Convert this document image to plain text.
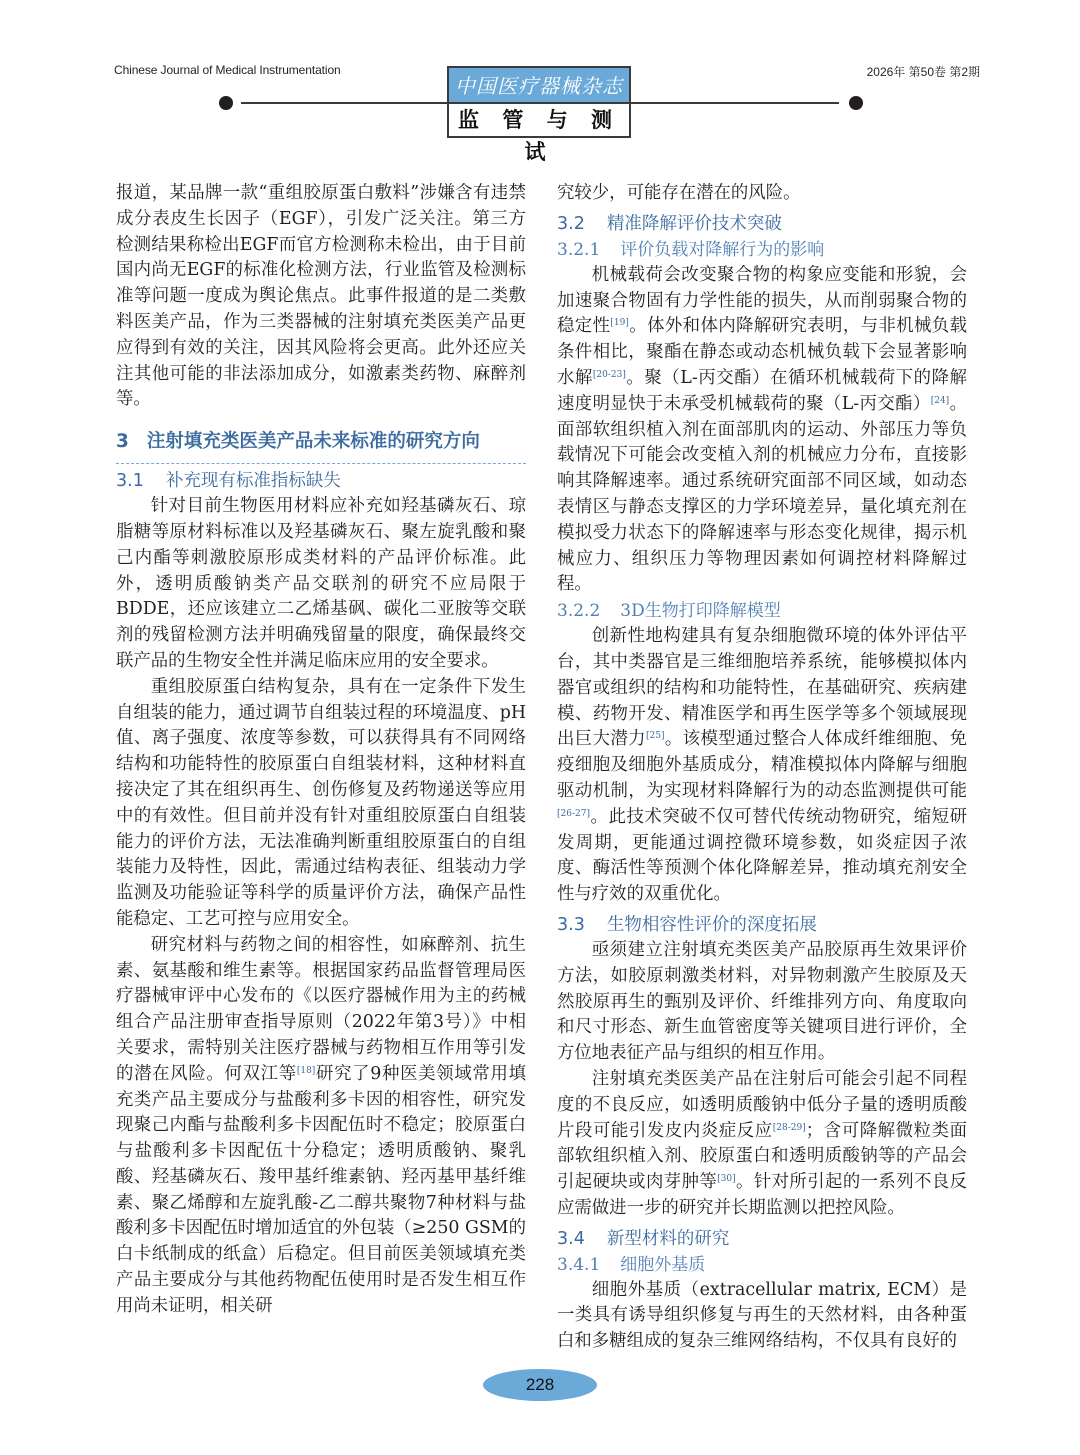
Chinese Journal of Medical Instrumentation	2026年 第50卷 第2期
中国医疗器械杂志
监 管 与 测 试

报道，某品牌一款“重组胶原蛋白敷料”涉嫌含有违禁成分表皮生长因子（EGF），引发广泛关注。第三方检测结果称检出EGF而官方检测称未检出，由于目前国内尚无EGF的标准化检测方法，行业监管及检测标准等问题一度成为舆论焦点。此事件报道的是二类敷料医美产品，作为三类器械的注射填充类医美产品更应得到有效的关注，因其风险将会更高。此外还应关注其他可能的非法添加成分，如激素类药物、麻醉剂等。

3 注射填充类医美产品未来标准的研究方向
3.1 补充现有标准指标缺失

针对目前生物医用材料应补充如羟基磷灰石、琼脂糖等原材料标准以及羟基磷灰石、聚左旋乳酸和聚己内酯等刺激胶原形成类材料的产品评价标准。此外，透明质酸钠类产品交联剂的研究不应局限于BDDE，还应该建立二乙烯基砜、碳化二亚胺等交联剂的残留检测方法并明确残留量的限度，确保最终交联产品的生物安全性并满足临床应用的安全要求。

重组胶原蛋白结构复杂，具有在一定条件下发生自组装的能力，通过调节自组装过程的环境温度、pH值、离子强度、浓度等参数，可以获得具有不同网络结构和功能特性的胶原蛋白自组装材料，这种材料直接决定了其在组织再生、创伤修复及药物递送等应用中的有效性。但目前并没有针对重组胶原蛋白自组装能力的评价方法，无法准确判断重组胶原蛋白的自组装能力及特性，因此，需通过结构表征、组装动力学监测及功能验证等科学的质量评价方法，确保产品性能稳定、工艺可控与应用安全。

研究材料与药物之间的相容性，如麻醉剂、抗生素、氨基酸和维生素等。根据国家药品监督管理局医疗器械审评中心发布的《以医疗器械作用为主的药械组合产品注册审查指导原则（2022年第3号）》中相关要求，需特别关注医疗器械与药物相互作用等引发的潜在风险。何双江等[18]研究了9种医美领域常用填充类产品主要成分与盐酸利多卡因的相容性，研究发现聚己内酯与盐酸利多卡因配伍时不稳定；胶原蛋白与盐酸利多卡因配伍十分稳定；透明质酸钠、聚乳酸、羟基磷灰石、羧甲基纤维素钠、羟丙基甲基纤维素、聚乙烯醇和左旋乳酸-乙二醇共聚物7种材料与盐酸利多卡因配伍时增加适宜的外包装（≥250 GSM的白卡纸制成的纸盒）后稳定。但目前医美领域填充类产品主要成分与其他药物配伍使用时是否发生相互作用尚未证明，相关研

究较少，可能存在潜在的风险。

3.2 精准降解评价技术突破
3.2.1 评价负载对降解行为的影响

机械载荷会改变聚合物的构象应变能和形貌，会加速聚合物固有力学性能的损失，从而削弱聚合物的稳定性[19]。体外和体内降解研究表明，与非机械负载条件相比，聚酯在静态或动态机械负载下会显著影响水解[20-23]。聚（L-丙交酯）在循环机械载荷下的降解速度明显快于未承受机械载荷的聚（L-丙交酯）[24]。面部软组织植入剂在面部肌肉的运动、外部压力等负载情况下可能会改变植入剂的机械应力分布，直接影响其降解速率。通过系统研究面部不同区域，如动态表情区与静态支撑区的力学环境差异，量化填充剂在模拟受力状态下的降解速率与形态变化规律，揭示机械应力、组织压力等物理因素如何调控材料降解过程。

3.2.2 3D生物打印降解模型

创新性地构建具有复杂细胞微环境的体外评估平台，其中类器官是三维细胞培养系统，能够模拟体内器官或组织的结构和功能特性，在基础研究、疾病建模、药物开发、精准医学和再生医学等多个领域展现出巨大潜力[25]。该模型通过整合人体成纤维细胞、免疫细胞及细胞外基质成分，精准模拟体内降解与细胞驱动机制，为实现材料降解行为的动态监测提供可能[26-27]。此技术突破不仅可替代传统动物研究，缩短研发周期，更能通过调控微环境参数，如炎症因子浓度、酶活性等预测个体化降解差异，推动填充剂安全性与疗效的双重优化。

3.3 生物相容性评价的深度拓展

亟须建立注射填充类医美产品胶原再生效果评价方法，如胶原刺激类材料，对异物刺激产生胶原及天然胶原再生的甄别及评价、纤维排列方向、角度取向和尺寸形态、新生血管密度等关键项目进行评价，全方位地表征产品与组织的相互作用。

注射填充类医美产品在注射后可能会引起不同程度的不良反应，如透明质酸钠中低分子量的透明质酸片段可能引发皮内炎症反应[28-29]；含可降解微粒类面部软组织植入剂、胶原蛋白和透明质酸钠等的产品会引起硬块或肉芽肿等[30]。针对所引起的一系列不良反应需做进一步的研究并长期监测以把控风险。

3.4 新型材料的研究
3.4.1 细胞外基质

细胞外基质（extracellular matrix, ECM）是一类具有诱导组织修复与再生的天然材料，由各种蛋白和多糖组成的复杂三维网络结构，不仅具有良好的

228
